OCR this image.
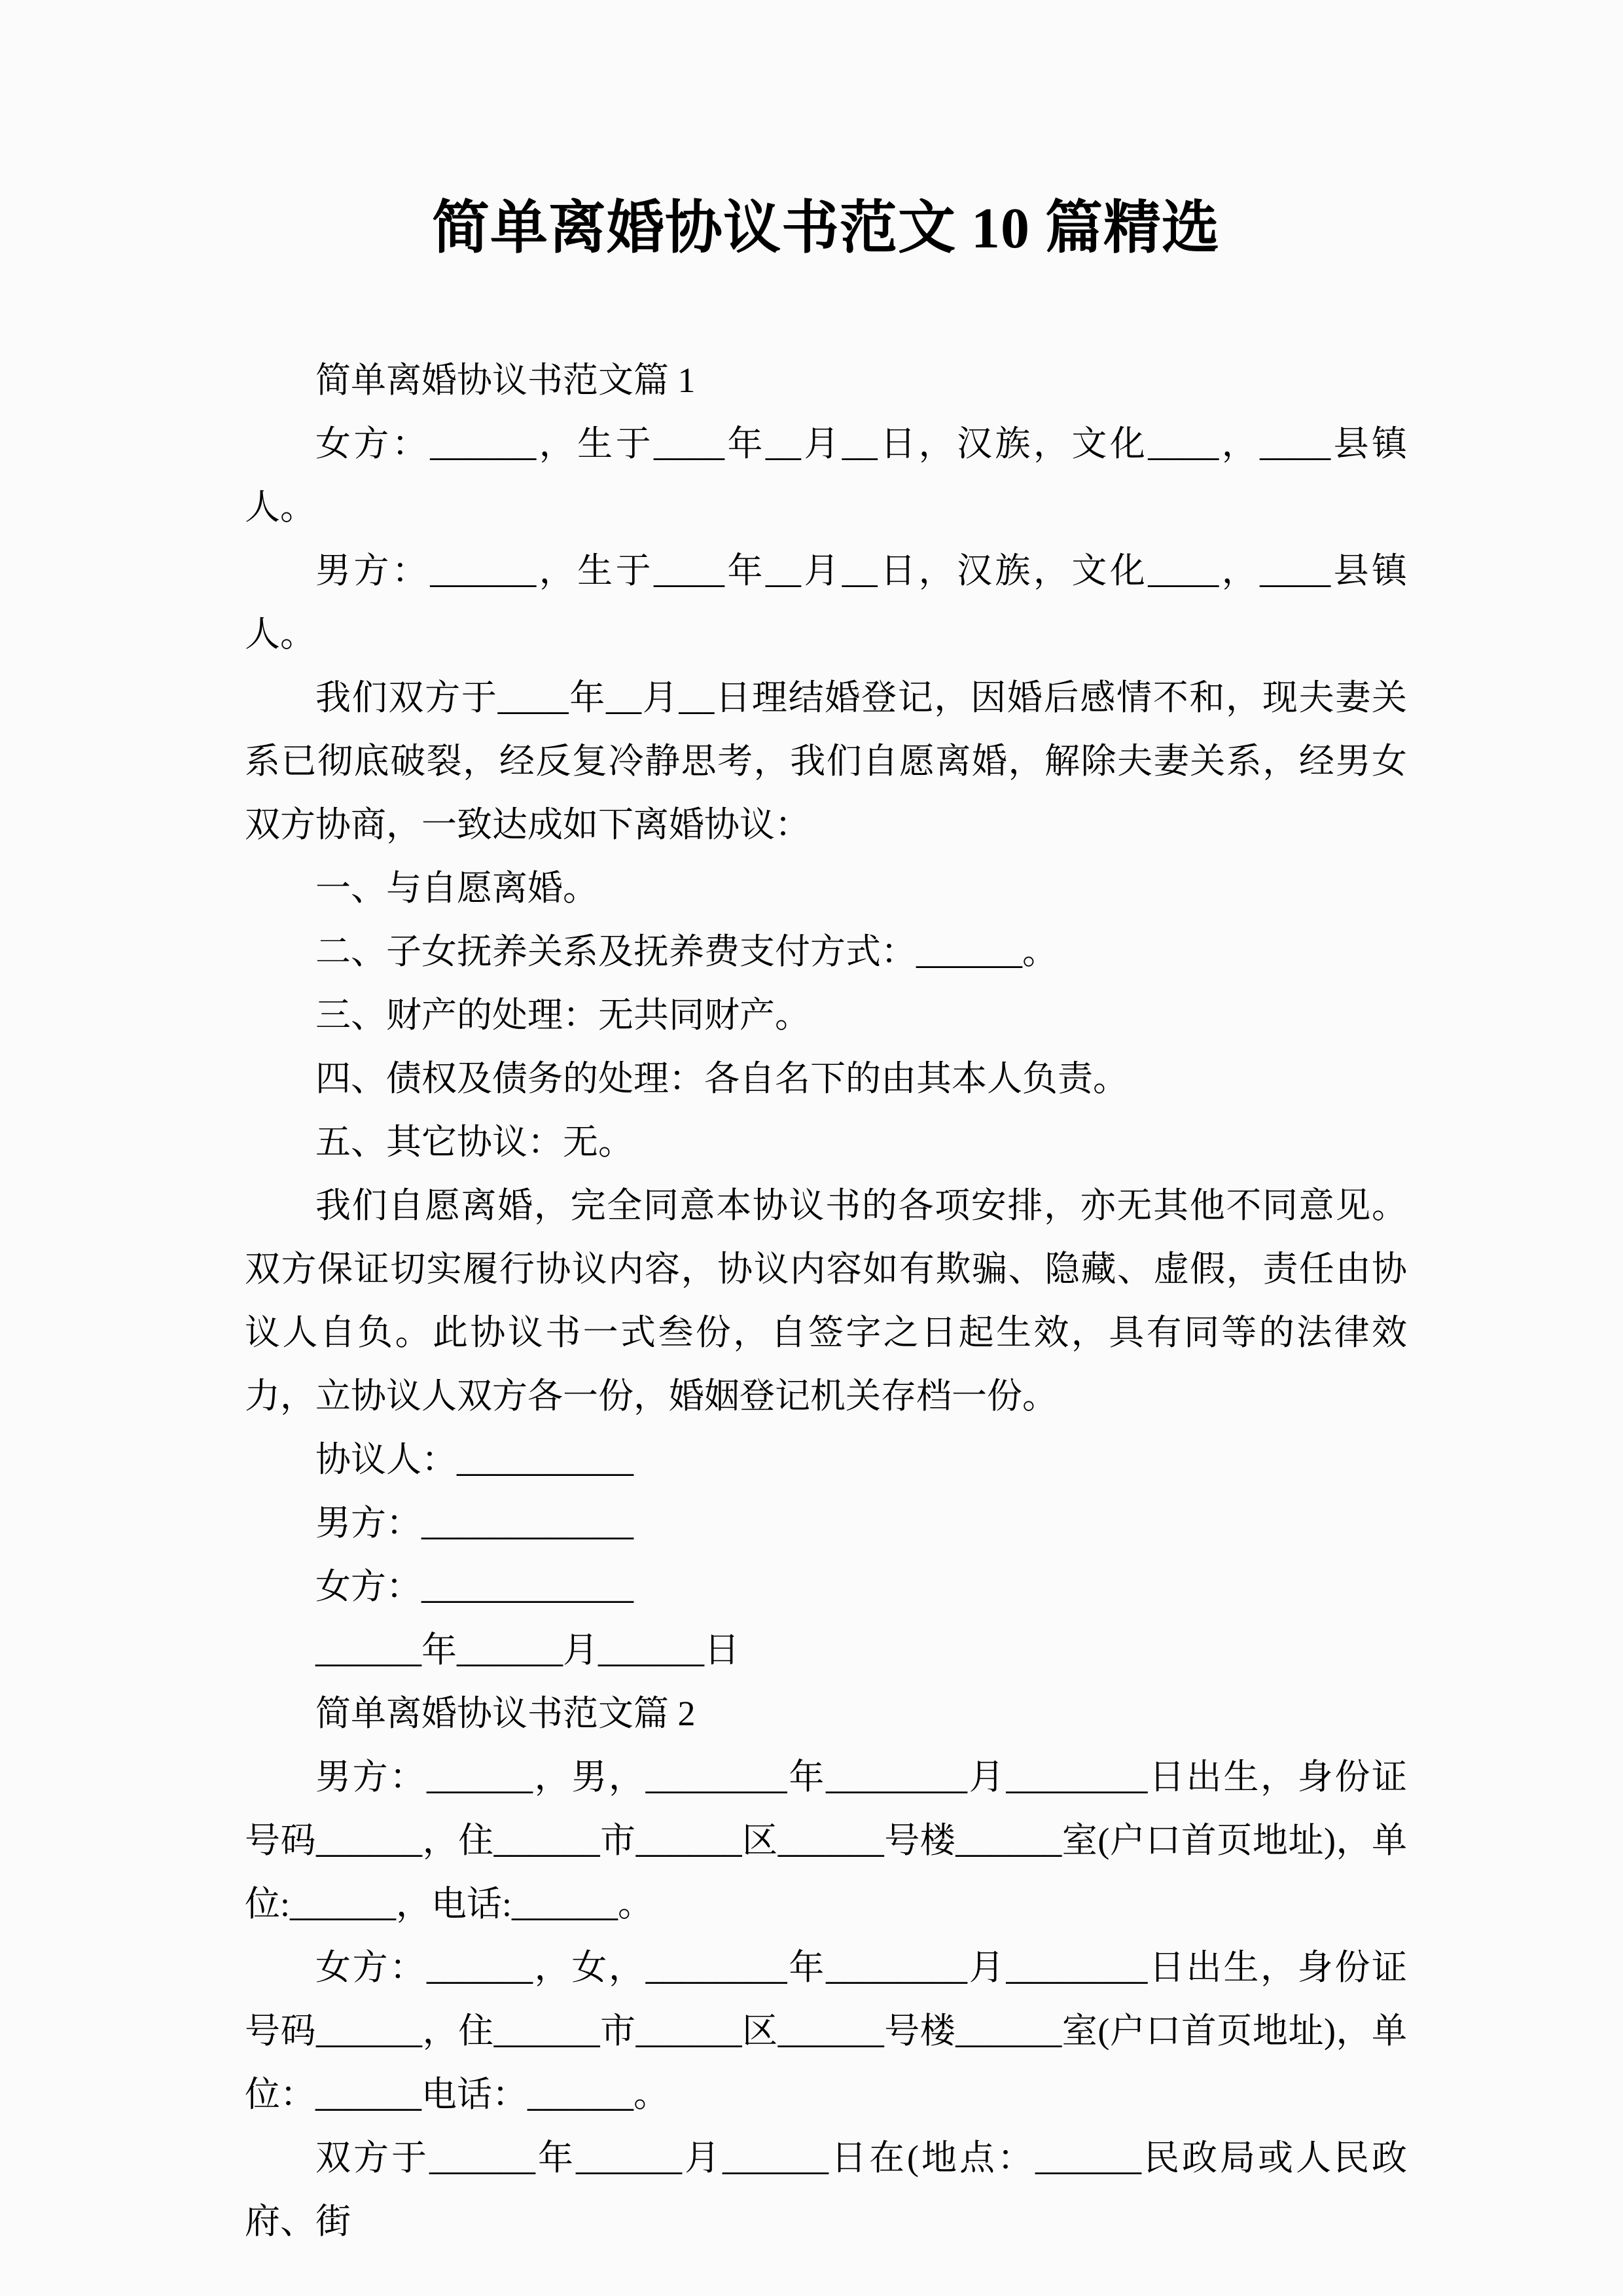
简单离婚协议书范文 10 篇精选

简单离婚协议书范文篇 1

女方：______，生于____年__月__日，汉族，文化____，____县镇人。

男方：______，生于____年__月__日，汉族，文化____，____县镇人。

我们双方于____年__月__日理结婚登记，因婚后感情不和，现夫妻关系已彻底破裂，经反复冷静思考，我们自愿离婚，解除夫妻关系，经男女双方协商，一致达成如下离婚协议：

一、与自愿离婚。

二、子女抚养关系及抚养费支付方式：______。

三、财产的处理：无共同财产。

四、债权及债务的处理：各自名下的由其本人负责。

五、其它协议：无。

我们自愿离婚，完全同意本协议书的各项安排，亦无其他不同意见。双方保证切实履行协议内容，协议内容如有欺骗、隐藏、虚假，责任由协议人自负。此协议书一式叁份，自签字之日起生效，具有同等的法律效力，立协议人双方各一份，婚姻登记机关存档一份。

协议人：__________

男方：____________

女方：____________

______年______月______日

简单离婚协议书范文篇 2

男方：______，男，________年________月________日出生，身份证号码______，住______市______区______号楼______室(户口首页地址)，单位:______，电话:______。

女方：______，女，________年________月________日出生，身份证号码______，住______市______区______号楼______室(户口首页地址)，单位：______电话：______。

双方于______年______月______日在(地点：______民政局或人民政府、街
